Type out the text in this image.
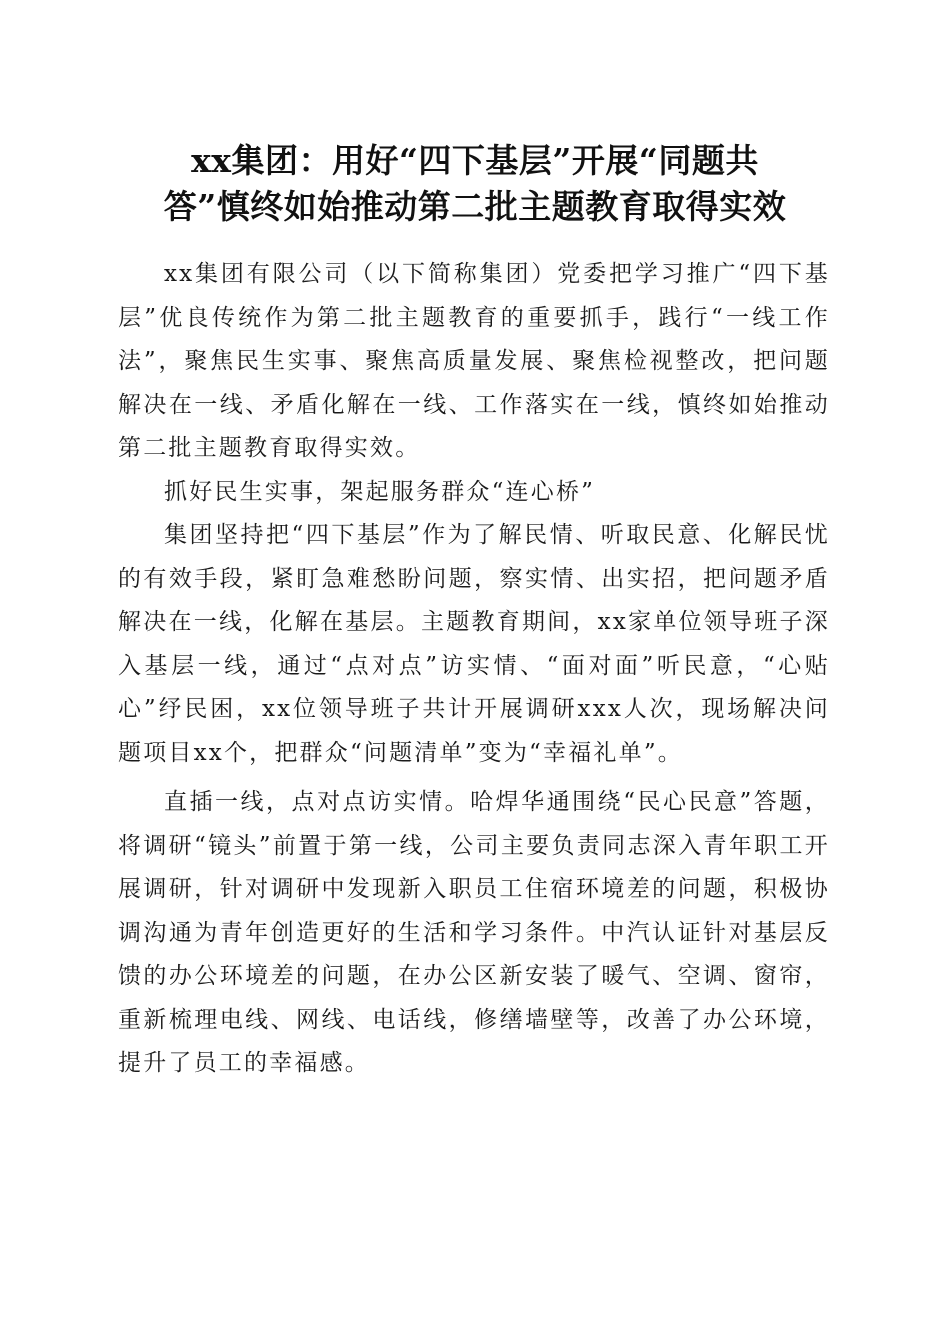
xx集团：用好“四下基层”开展“同题共
答”慎终如始推动第二批主题教育取得实效

xx集团有限公司（以下简称集团）党委把学习推广“四下基层”优良传统作为第二批主题教育的重要抓手，践行“一线工作法”，聚焦民生实事、聚焦高质量发展、聚焦检视整改，把问题解决在一线、矛盾化解在一线、工作落实在一线，慎终如始推动第二批主题教育取得实效。

抓好民生实事，架起服务群众“连心桥”

集团坚持把“四下基层”作为了解民情、听取民意、化解民忧的有效手段，紧盯急难愁盼问题，察实情、出实招，把问题矛盾解决在一线，化解在基层。主题教育期间，xx家单位领导班子深入基层一线，通过“点对点”访实情、“面对面”听民意，“心贴心”纾民困，xx位领导班子共计开展调研xxx人次，现场解决问题项目xx个，把群众“问题清单”变为“幸福礼单”。

直插一线，点对点访实情。哈焊华通围绕“民心民意”答题，将调研“镜头”前置于第一线，公司主要负责同志深入青年职工开展调研，针对调研中发现新入职员工住宿环境差的问题，积极协调沟通为青年创造更好的生活和学习条件。中汽认证针对基层反馈的办公环境差的问题，在办公区新安装了暖气、空调、窗帘，重新梳理电线、网线、电话线，修缮墙壁等，改善了办公环境，提升了员工的幸福感。
